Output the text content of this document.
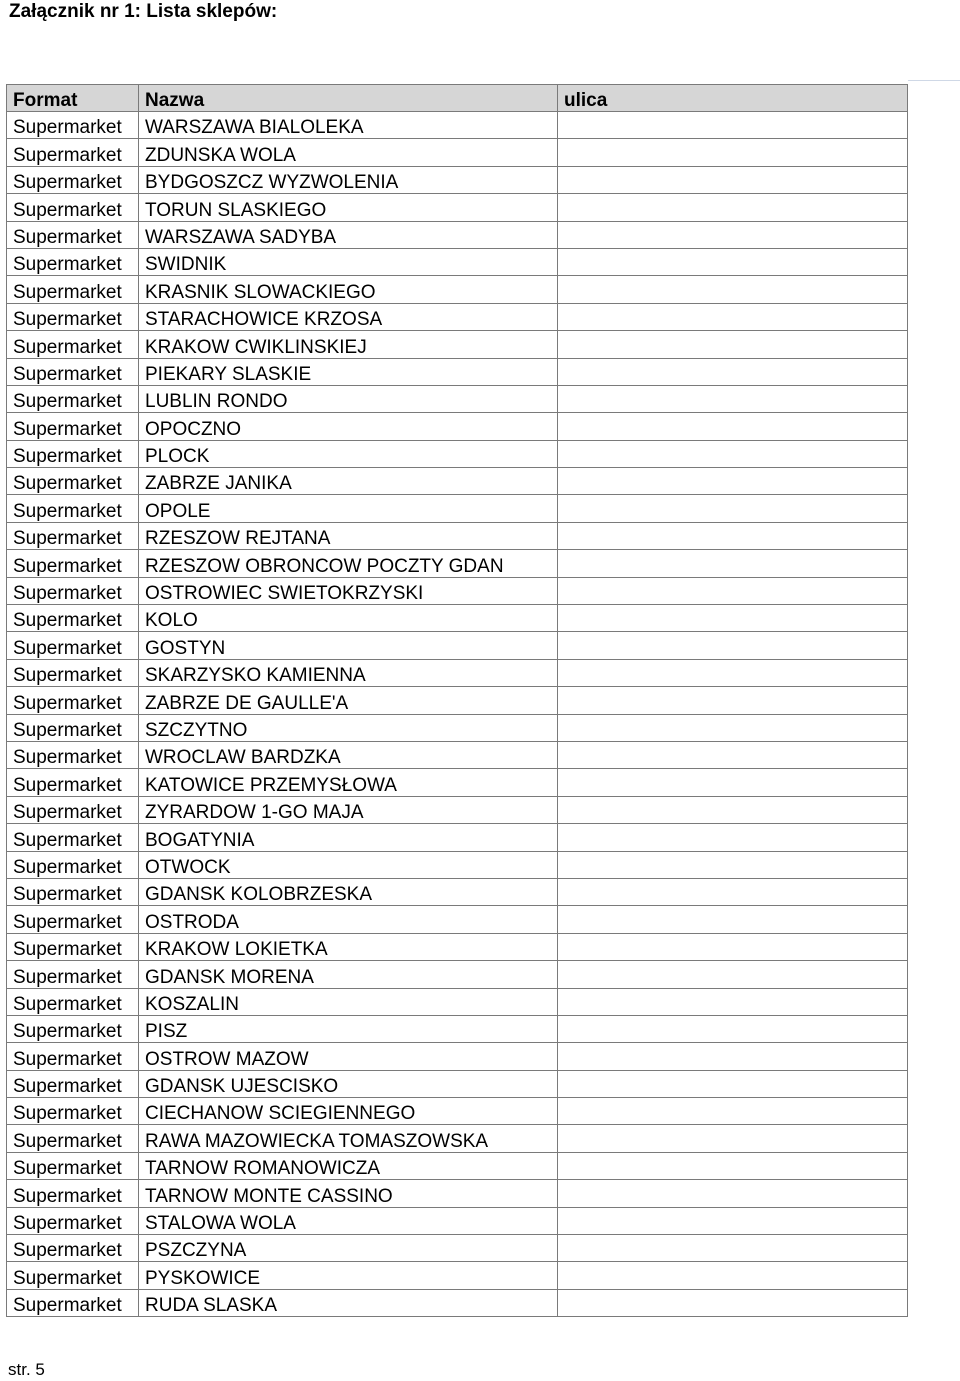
Załącznik nr 1: Lista sklepów:
Format	Nazwa	ulica
Supermarket	WARSZAWA BIALOLEKA	
Supermarket	ZDUNSKA WOLA	
Supermarket	BYDGOSZCZ WYZWOLENIA	
Supermarket	TORUN SLASKIEGO	
Supermarket	WARSZAWA SADYBA	
Supermarket	SWIDNIK	
Supermarket	KRASNIK SLOWACKIEGO	
Supermarket	STARACHOWICE KRZOSA	
Supermarket	KRAKOW CWIKLINSKIEJ	
Supermarket	PIEKARY SLASKIE	
Supermarket	LUBLIN RONDO	
Supermarket	OPOCZNO	
Supermarket	PLOCK	
Supermarket	ZABRZE JANIKA	
Supermarket	OPOLE	
Supermarket	RZESZOW REJTANA	
Supermarket	RZESZOW OBRONCOW POCZTY GDAN	
Supermarket	OSTROWIEC SWIETOKRZYSKI	
Supermarket	KOLO	
Supermarket	GOSTYN	
Supermarket	SKARZYSKO KAMIENNA	
Supermarket	ZABRZE DE GAULLE'A	
Supermarket	SZCZYTNO	
Supermarket	WROCLAW BARDZKA	
Supermarket	KATOWICE PRZEMYSŁOWA	
Supermarket	ZYRARDOW 1-GO MAJA	
Supermarket	BOGATYNIA	
Supermarket	OTWOCK	
Supermarket	GDANSK KOLOBRZESKA	
Supermarket	OSTRODA	
Supermarket	KRAKOW LOKIETKA	
Supermarket	GDANSK MORENA	
Supermarket	KOSZALIN	
Supermarket	PISZ	
Supermarket	OSTROW MAZOW	
Supermarket	GDANSK UJESCISKO	
Supermarket	CIECHANOW SCIEGIENNEGO	
Supermarket	RAWA MAZOWIECKA TOMASZOWSKA	
Supermarket	TARNOW ROMANOWICZA	
Supermarket	TARNOW MONTE CASSINO	
Supermarket	STALOWA WOLA	
Supermarket	PSZCZYNA	
Supermarket	PYSKOWICE	
Supermarket	RUDA SLASKA	
str. 5
